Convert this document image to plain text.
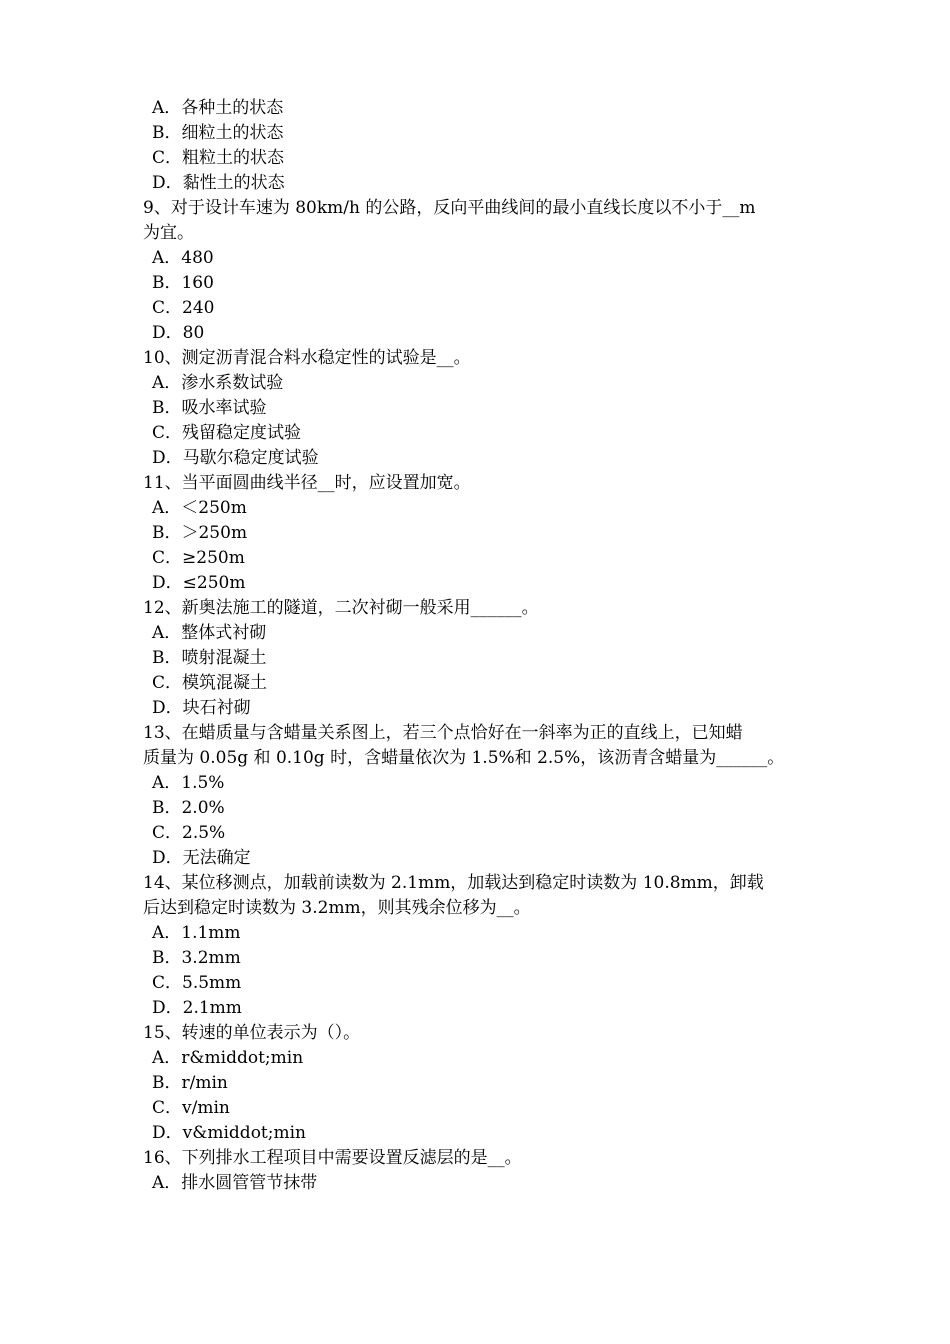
A．各种土的状态
B．细粒土的状态
C．粗粒土的状态
D．黏性土的状态
9、对于设计车速为 80km/h 的公路，反向平曲线间的最小直线长度以不小于__m
为宜。
A．480
B．160
C．240
D．80
10、测定沥青混合料水稳定性的试验是__。
A．渗水系数试验
B．吸水率试验
C．残留稳定度试验
D．马歇尔稳定度试验
11、当平面圆曲线半径__时，应设置加宽。
A．＜250m
B．＞250m
C．≥250m
D．≤250m
12、新奥法施工的隧道，二次衬砌一般采用______。
A．整体式衬砌
B．喷射混凝土
C．模筑混凝土
D．块石衬砌
13、在蜡质量与含蜡量关系图上，若三个点恰好在一斜率为正的直线上，已知蜡
质量为 0.05g 和 0.10g 时，含蜡量依次为 1.5%和 2.5%，该沥青含蜡量为______。
A．1.5%
B．2.0%
C．2.5%
D．无法确定
14、某位移测点，加载前读数为 2.1mm，加载达到稳定时读数为 10.8mm，卸载
后达到稳定时读数为 3.2mm，则其残余位移为__。
A．1.1mm
B．3.2mm
C．5.5mm
D．2.1mm
15、转速的单位表示为（）。
A．r&middot;min
B．r/min
C．v/min
D．v&middot;min
16、下列排水工程项目中需要设置反滤层的是__。
A．排水圆管管节抹带
